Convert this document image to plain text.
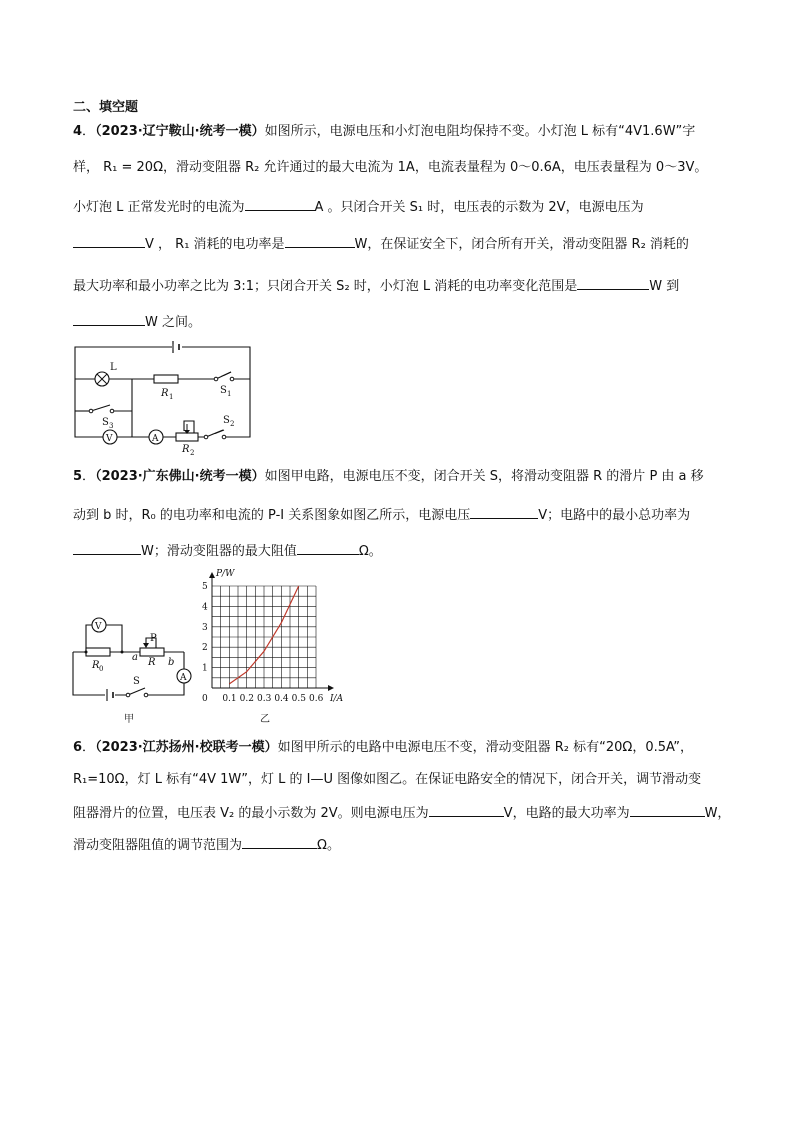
二、填空题
4．（2023·辽宁鞍山·统考一模）如图所示，电源电压和小灯泡电阻均保持不变。小灯泡 L 标有“4V1.6W”字
样， R₁ = 20Ω，滑动变阻器 R₂ 允许通过的最大电流为 1A，电流表量程为 0～0.6A，电压表量程为 0～3V。
小灯泡 L 正常发光时的电流为	A 。只闭合开关 S₁ 时，电压表的示数为 2V，电源电压为
V ， R₁ 消耗的电功率是	W，在保证安全下，闭合所有开关，滑动变阻器 R₂ 消耗的
最大功率和最小功率之比为 3:1；只闭合开关 S₂ 时，小灯泡 L 消耗的电功率变化范围是	W 到
W 之间。
L
R 1
S 1
S 3	S 2
V	A
R 2
5．（2023·广东佛山·统考一模）如图甲电路，电源电压不变，闭合开关 S，将滑动变阻器 R 的滑片 P 由 a 移
动到 b 时，R₀ 的电功率和电流的 P-I 关系图象如图乙所示，电源电压	V；电路中的最小总功率为
W；滑动变阻器的最大阻值	Ω。
V
R 0
P
a R b
A
S
甲
0.1 0.2 0.3 0.4 0.5 0.6
1
2
3
4
5
0	I/A
P/W
乙
6．（2023·江苏扬州·校联考一模）如图甲所示的电路中电源电压不变，滑动变阻器 R₂ 标有“20Ω，0.5A”，
R₁=10Ω，灯 L 标有“4V 1W”，灯 L 的 I—U 图像如图乙。在保证电路安全的情况下，闭合开关，调节滑动变
阻器滑片的位置，电压表 V₂ 的最小示数为 2V。则电源电压为	V，电路的最大功率为	W，
滑动变阻器阻值的调节范围为	Ω。
